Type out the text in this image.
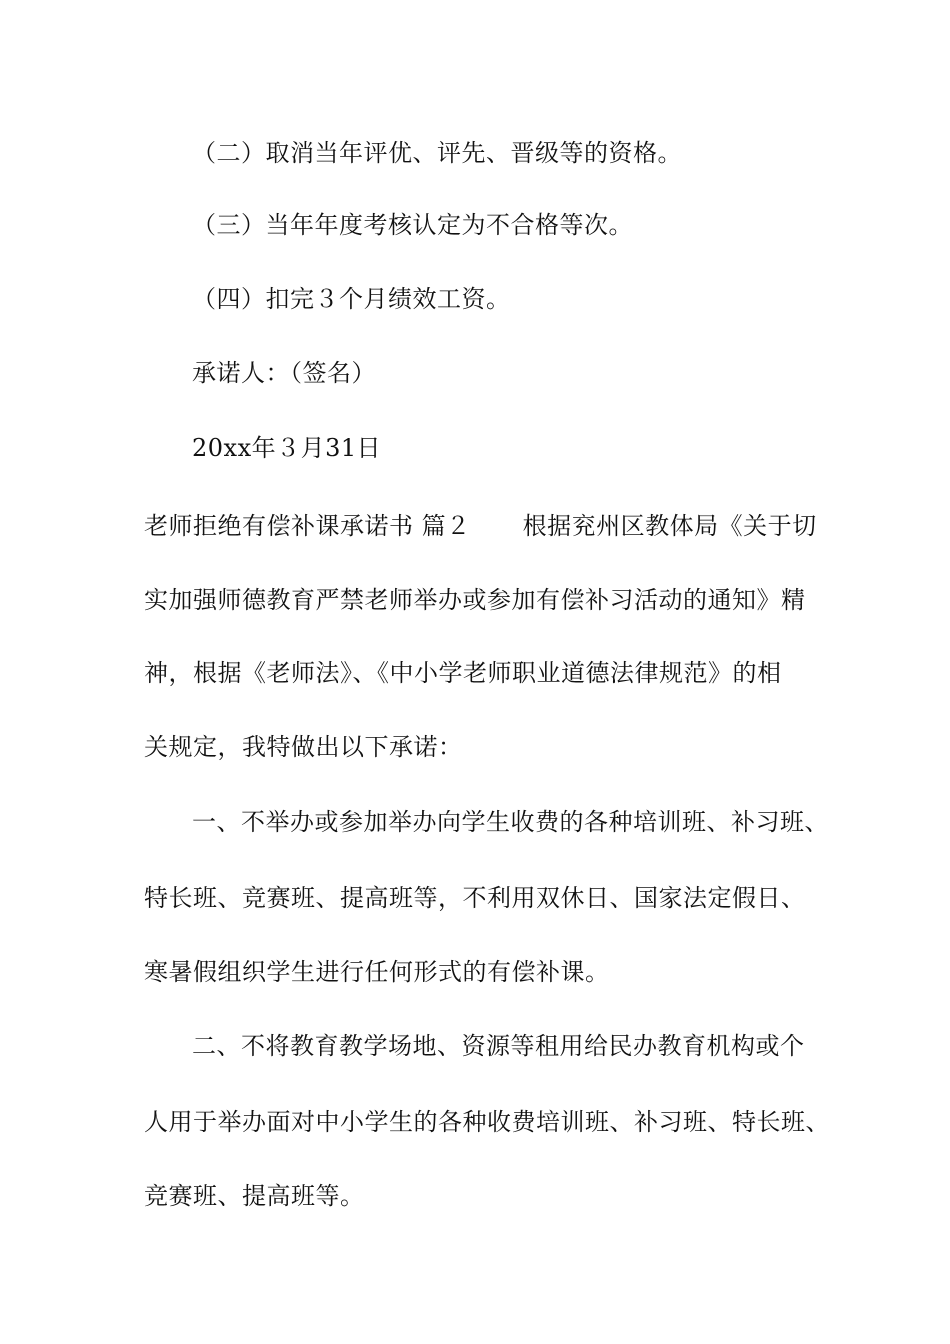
（二）取消当年评优、评先、晋级等的资格。
（三）当年年度考核认定为不合格等次。
（四）扣完３个月绩效工资。
承诺人：（签名）
20xx年３月31日
老师拒绝有偿补课承诺书 篇２ 根据兖州区教体局《关于切
实加强师德教育严禁老师举办或参加有偿补习活动的通知》精
神，根据《老师法》、《中小学老师职业道德法律规范》的相
关规定，我特做出以下承诺：
一、不举办或参加举办向学生收费的各种培训班、补习班、
特长班、竞赛班、提高班等，不利用双休日、国家法定假日、
寒暑假组织学生进行任何形式的有偿补课。
二、不将教育教学场地、资源等租用给民办教育机构或个
人用于举办面对中小学生的各种收费培训班、补习班、特长班、
竞赛班、提高班等。
